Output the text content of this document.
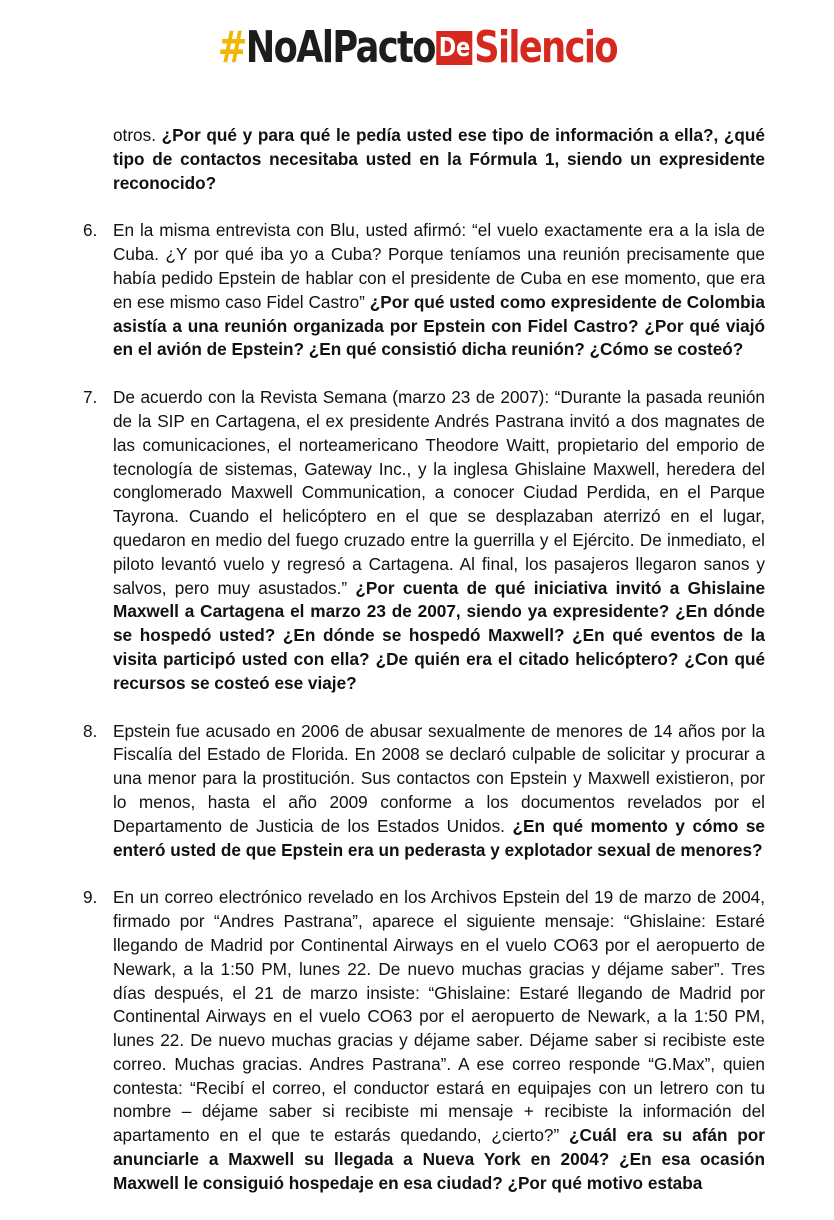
#NoAlPacto DeSilencio
otros. ¿Por qué y para qué le pedía usted ese tipo de información a ella?, ¿qué tipo de contactos necesitaba usted en la Fórmula 1, siendo un expresidente reconocido?
6. En la misma entrevista con Blu, usted afirmó: “el vuelo exactamente era a la isla de Cuba. ¿Y por qué iba yo a Cuba? Porque teníamos una reunión precisamente que había pedido Epstein de hablar con el presidente de Cuba en ese momento, que era en ese mismo caso Fidel Castro” ¿Por qué usted como expresidente de Colombia asistía a una reunión organizada por Epstein con Fidel Castro? ¿Por qué viajó en el avión de Epstein? ¿En qué consistió dicha reunión? ¿Cómo se costeó?
7. De acuerdo con la Revista Semana (marzo 23 de 2007): “Durante la pasada reunión de la SIP en Cartagena, el ex presidente Andrés Pastrana invitó a dos magnates de las comunicaciones, el norteamericano Theodore Waitt, propietario del emporio de tecnología de sistemas, Gateway Inc., y la inglesa Ghislaine Maxwell, heredera del conglomerado Maxwell Communication, a conocer Ciudad Perdida, en el Parque Tayrona. Cuando el helicóptero en el que se desplazaban aterrizó en el lugar, quedaron en medio del fuego cruzado entre la guerrilla y el Ejército. De inmediato, el piloto levantó vuelo y regresó a Cartagena. Al final, los pasajeros llegaron sanos y salvos, pero muy asustados.” ¿Por cuenta de qué iniciativa invitó a Ghislaine Maxwell a Cartagena el marzo 23 de 2007, siendo ya expresidente? ¿En dónde se hospedó usted? ¿En dónde se hospedó Maxwell? ¿En qué eventos de la visita participó usted con ella? ¿De quién era el citado helicóptero? ¿Con qué recursos se costeó ese viaje?
8. Epstein fue acusado en 2006 de abusar sexualmente de menores de 14 años por la Fiscalía del Estado de Florida. En 2008 se declaró culpable de solicitar y procurar a una menor para la prostitución. Sus contactos con Epstein y Maxwell existieron, por lo menos, hasta el año 2009 conforme a los documentos revelados por el Departamento de Justicia de los Estados Unidos. ¿En qué momento y cómo se enteró usted de que Epstein era un pederasta y explotador sexual de menores?
9. En un correo electrónico revelado en los Archivos Epstein del 19 de marzo de 2004, firmado por “Andres Pastrana”, aparece el siguiente mensaje: “Ghislaine: Estaré llegando de Madrid por Continental Airways en el vuelo CO63 por el aeropuerto de Newark, a la 1:50 PM, lunes 22. De nuevo muchas gracias y déjame saber”. Tres días después, el 21 de marzo insiste: “Ghislaine: Estaré llegando de Madrid por Continental Airways en el vuelo CO63 por el aeropuerto de Newark, a la 1:50 PM, lunes 22. De nuevo muchas gracias y déjame saber. Déjame saber si recibiste este correo. Muchas gracias. Andres Pastrana”. A ese correo responde “G.Max”, quien contesta: “Recibí el correo, el conductor estará en equipajes con un letrero con tu nombre – déjame saber si recibiste mi mensaje + recibiste la información del apartamento en el que te estarás quedando, ¿cierto?” ¿Cuál era su afán por anunciarle a Maxwell su llegada a Nueva York en 2004? ¿En esa ocasión Maxwell le consiguió hospedaje en esa ciudad? ¿Por qué motivo estaba
